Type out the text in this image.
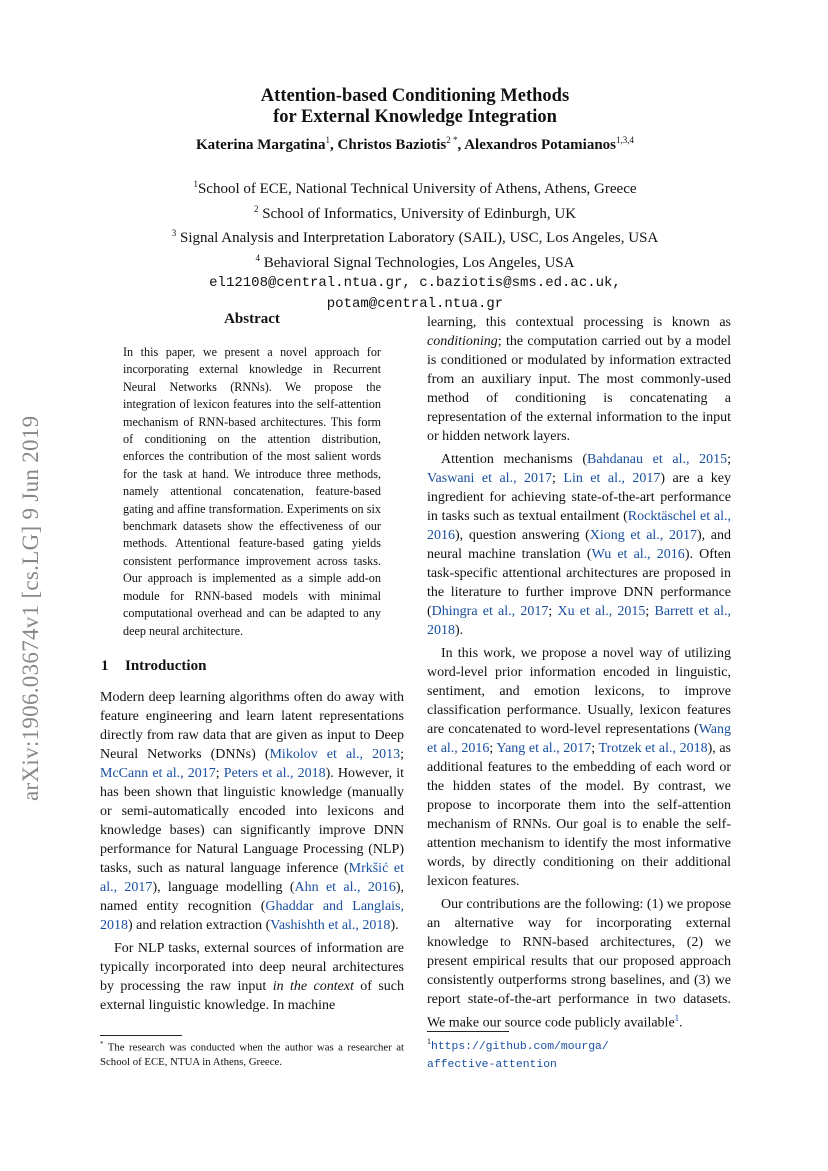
arXiv:1906.03674v1 [cs.LG] 9 Jun 2019
Attention-based Conditioning Methods
for External Knowledge Integration
Katerina Margatina$^1$, Christos Baziotis$^{2 *}$, Alexandros Potamianos$^{1,3,4}$
$^1$School of ECE, National Technical University of Athens, Athens, Greece
$^2$ School of Informatics, University of Edinburgh, UK
$^3$ Signal Analysis and Interpretation Laboratory (SAIL), USC, Los Angeles, USA
$^4$ Behavioral Signal Technologies, Los Angeles, USA
el12108@central.ntua.gr, c.baziotis@sms.ed.ac.uk,
potam@central.ntua.gr
Abstract
In this paper, we present a novel approach for incorporating external knowledge in Recurrent Neural Networks (RNNs). We propose the integration of lexicon features into the self-attention mechanism of RNN-based architectures. This form of conditioning on the attention distribution, enforces the contribution of the most salient words for the task at hand. We introduce three methods, namely attentional concatenation, feature-based gating and affine transformation. Experiments on six benchmark datasets show the effectiveness of our methods. Attentional feature-based gating yields consistent performance improvement across tasks. Our approach is implemented as a simple add-on module for RNN-based models with minimal computational overhead and can be adapted to any deep neural architecture.
1 Introduction

Modern deep learning algorithms often do away with feature engineering and learn latent representations directly from raw data that are given as input to Deep Neural Networks (DNNs) (Mikolov et al., 2013; McCann et al., 2017; Peters et al., 2018). However, it has been shown that linguistic knowledge (manually or semi-automatically encoded into lexicons and knowledge bases) can significantly improve DNN performance for Natural Language Processing (NLP) tasks, such as natural language inference (Mrkšić et al., 2017), language modelling (Ahn et al., 2016), named entity recognition (Ghaddar and Langlais, 2018) and relation extraction (Vashishth et al., 2018).

For NLP tasks, external sources of information are typically incorporated into deep neural architectures by processing the raw input in the context of such external linguistic knowledge. In machine

learning, this contextual processing is known as conditioning; the computation carried out by a model is conditioned or modulated by information extracted from an auxiliary input. The most commonly-used method of conditioning is concatenating a representation of the external information to the input or hidden network layers.

Attention mechanisms (Bahdanau et al., 2015; Vaswani et al., 2017; Lin et al., 2017) are a key ingredient for achieving state-of-the-art performance in tasks such as textual entailment (Rocktäschel et al., 2016), question answering (Xiong et al., 2017), and neural machine translation (Wu et al., 2016). Often task-specific attentional architectures are proposed in the literature to further improve DNN performance (Dhingra et al., 2017; Xu et al., 2015; Barrett et al., 2018).

In this work, we propose a novel way of utilizing word-level prior information encoded in linguistic, sentiment, and emotion lexicons, to improve classification performance. Usually, lexicon features are concatenated to word-level representations (Wang et al., 2016; Yang et al., 2017; Trotzek et al., 2018), as additional features to the embedding of each word or the hidden states of the model. By contrast, we propose to incorporate them into the self-attention mechanism of RNNs. Our goal is to enable the self-attention mechanism to identify the most informative words, by directly conditioning on their additional lexicon features.

Our contributions are the following: (1) we propose an alternative way for incorporating external knowledge to RNN-based architectures, (2) we present empirical results that our proposed approach consistently outperforms strong baselines, and (3) we report state-of-the-art performance in two datasets. We make our source code publicly available$^1$.

* The research was conducted when the author was a researcher at School of ECE, NTUA in Athens, Greece.
$^1$https://github.com/mourga/
affective-attention
